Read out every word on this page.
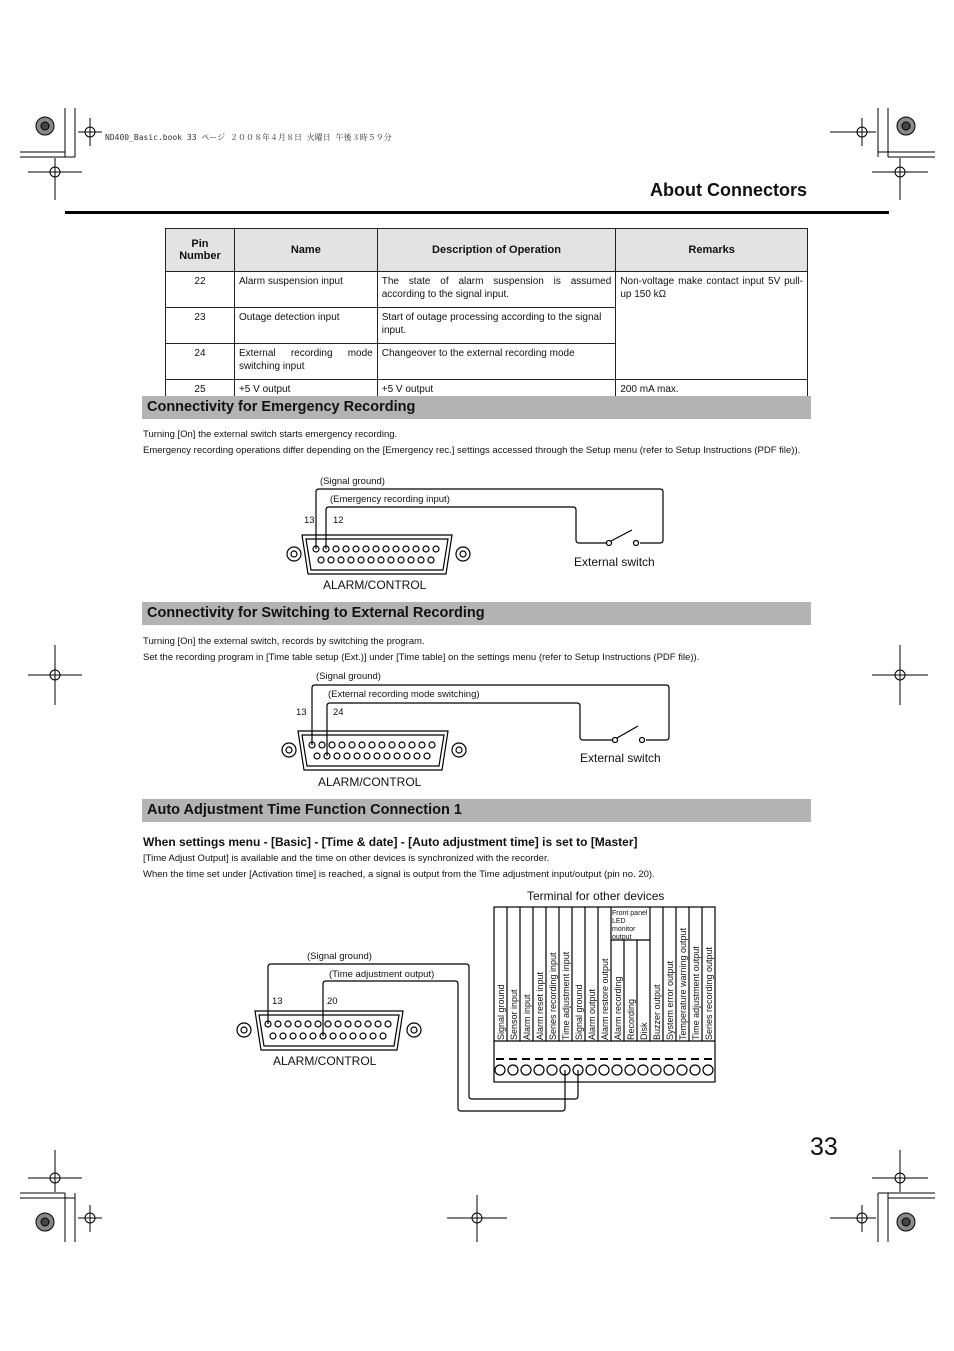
ND400_Basic.book 33 ページ ２００８年４月８日 火曜日 午後３時５９分
About Connectors
Pin Number	Name	Description of Operation	Remarks
22	Alarm suspension input	The state of alarm suspension is assumed according to the signal input.	Non-voltage make contact input 5V pull-up 150 kΩ
23	Outage detection input	Start of outage processing according to the signal input.	
24	External recording mode switching input	Changeover to the external recording mode	
25	+5 V output	+5 V output	200 mA max.
Connectivity for Emergency Recording
Turning [On] the external switch starts emergency recording.
Emergency recording operations differ depending on the [Emergency rec.] settings accessed through the Setup menu (refer to Setup Instructions (PDF file)).
(Signal ground)
(Emergency recording input)
13 12
External switch
ALARM/CONTROL
Connectivity for Switching to External Recording
Turning [On] the external switch, records by switching the program.
Set the recording program in [Time table setup (Ext.)] under [Time table] on the settings menu (refer to Setup Instructions (PDF file)).
(Signal ground)
(External recording mode switching)
13	24
External switch
ALARM/CONTROL
Auto Adjustment Time Function Connection 1
When settings menu - [Basic] - [Time & date] - [Auto adjustment time] is set to [Master]
[Time Adjust Output] is available and the time on other devices is synchronized with the recorder.
When the time set under [Activation time] is reached, a signal is output from the Time adjustment input/output (pin no. 20).
Terminal for other devices
Front panel LED monitor output
(Signal ground)
(Time adjustment output)
13	20
ALARM/CONTROL
Signal ground Sensor input Alarm input Alarm reset input Series recording input Time adjustment input Signal ground Alarm output Alarm restore output Alarm recording Recording Disk Buzzer output System error output Temperature warning output Time adjustment output Series recording output
33
